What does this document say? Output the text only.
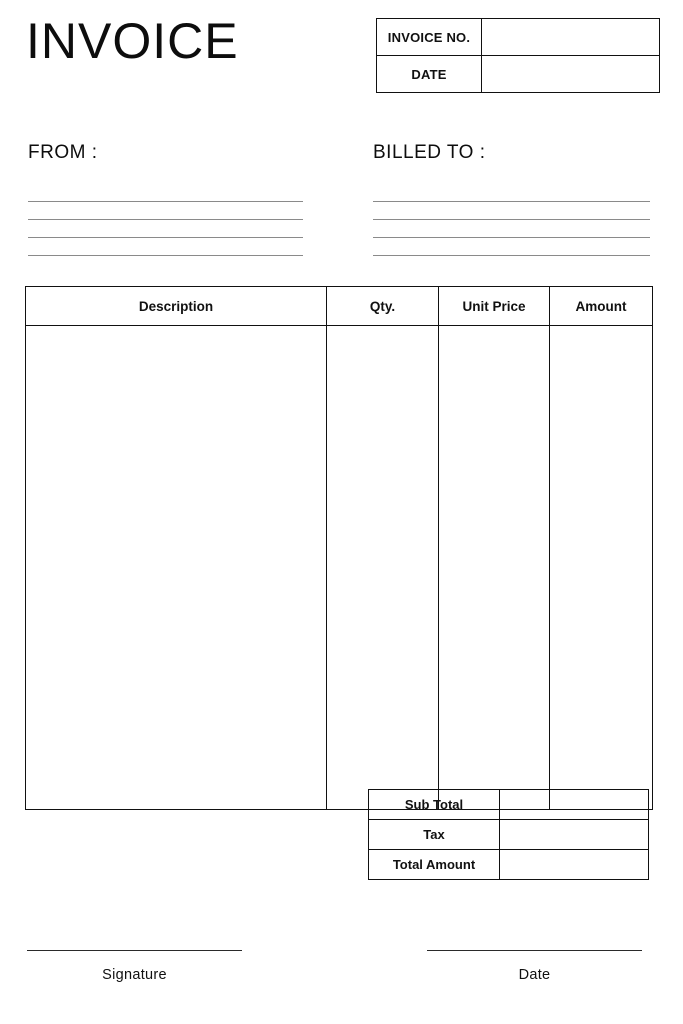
INVOICE	INVOICE NO.	
DATE	
FROM :	BILLED TO :
Description	Qty.	Unit Price	Amount

Sub Total	
Tax	
Total Amount	
Signature	Date
